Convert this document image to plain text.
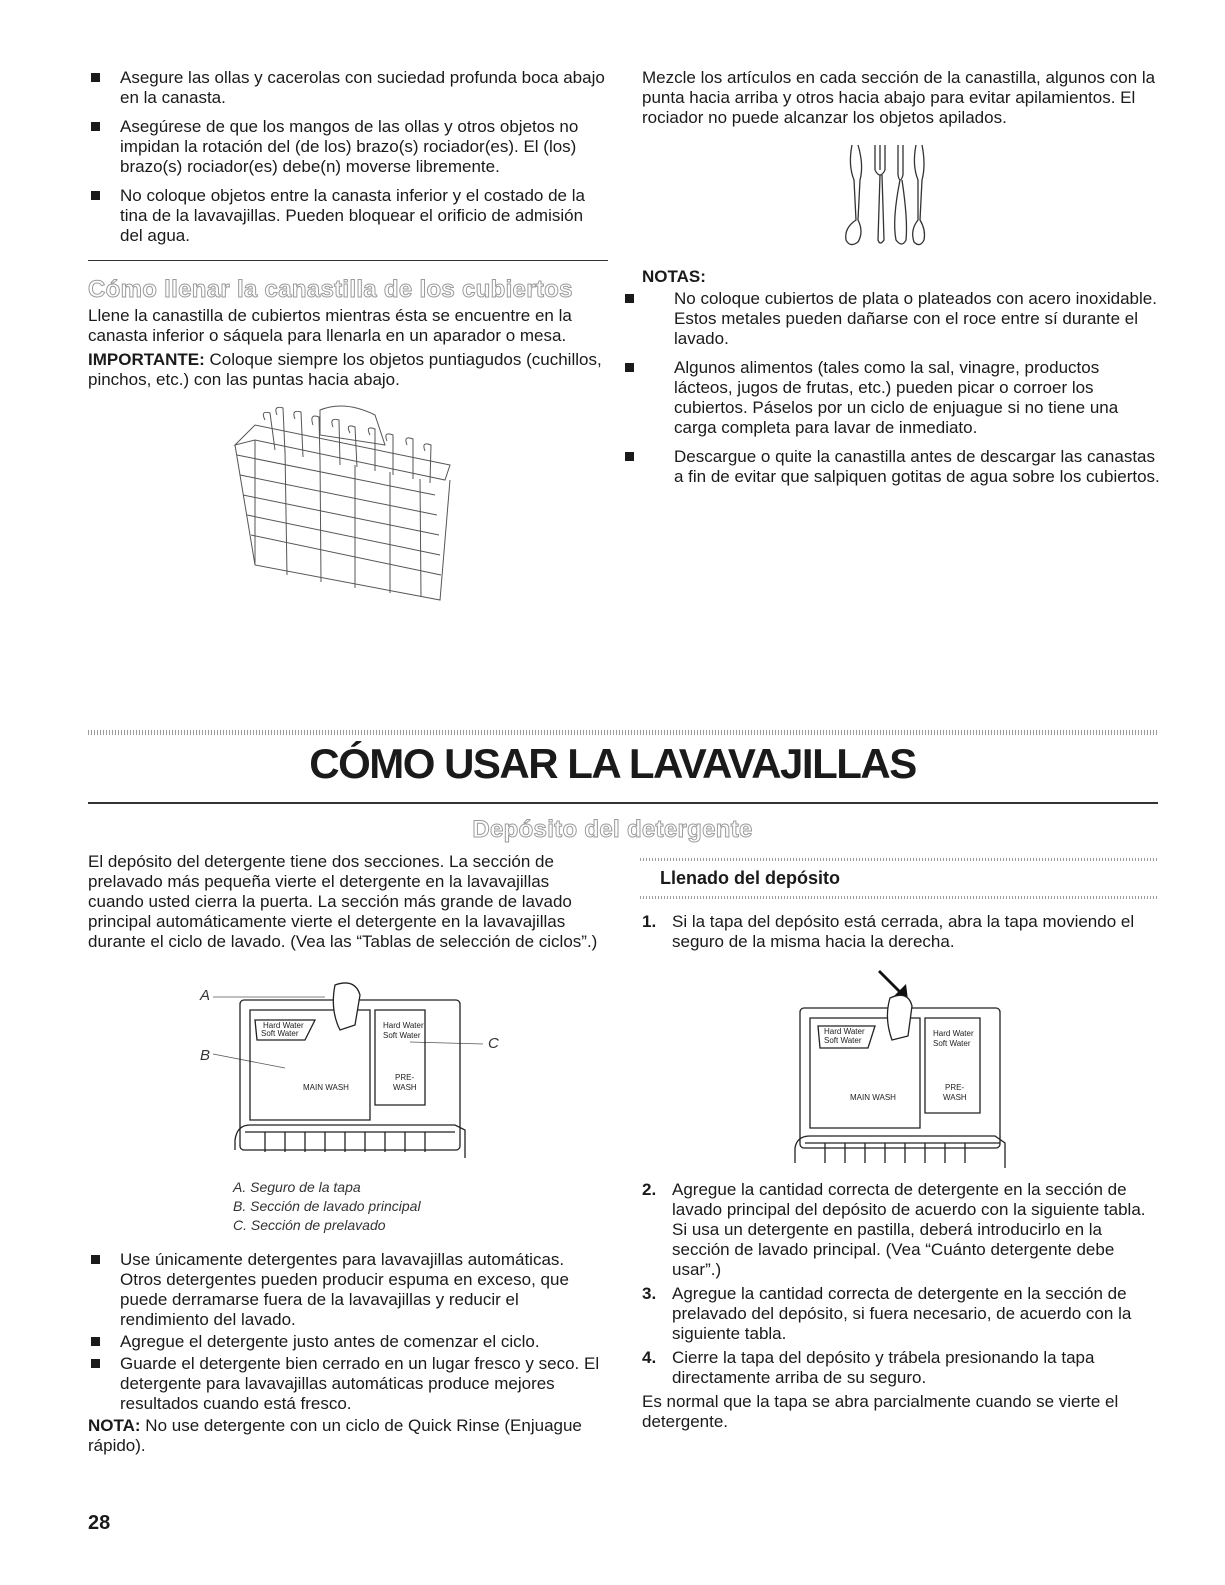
Asegure las ollas y cacerolas con suciedad profunda boca abajo en la canasta.
Asegúrese de que los mangos de las ollas y otros objetos no impidan la rotación del (de los) brazo(s) rociador(es). El (los) brazo(s) rociador(es) debe(n) moverse libremente.
No coloque objetos entre la canasta inferior y el costado de la tina de la lavavajillas. Pueden bloquear el orificio de admisión del agua.
Cómo llenar la canastilla de los cubiertos

Llene la canastilla de cubiertos mientras ésta se encuentre en la canasta inferior o sáquela para llenarla en un aparador o mesa.

IMPORTANTE: Coloque siempre los objetos puntiagudos (cuchillos, pinchos, etc.) con las puntas hacia abajo.

Mezcle los artículos en cada sección de la canastilla, algunos con la punta hacia arriba y otros hacia abajo para evitar apilamientos. El rociador no puede alcanzar los objetos apilados.

NOTAS:
No coloque cubiertos de plata o plateados con acero inoxidable. Estos metales pueden dañarse con el roce entre sí durante el lavado.
Algunos alimentos (tales como la sal, vinagre, productos lácteos, jugos de frutas, etc.) pueden picar o corroer los cubiertos. Páselos por un ciclo de enjuague si no tiene una carga completa para lavar de inmediato.
Descargue o quite la canastilla antes de descargar las canastas a fin de evitar que salpiquen gotitas de agua sobre los cubiertos.
CÓMO USAR LA LAVAVAJILLAS
Depósito del detergente

El depósito del detergente tiene dos secciones. La sección de prelavado más pequeña vierte el detergente en la lavavajillas cuando usted cierra la puerta. La sección más grande de lavado principal automáticamente vierte el detergente en la lavavajillas durante el ciclo de lavado. (Vea las “Tablas de selección de ciclos”.)

A
B
C
Hard Water
Soft Water
Hard Water
Soft Water
MAIN WASH
PRE-
WASH
A. Seguro de la tapa
B. Sección de lavado principal
C. Sección de prelavado
Use únicamente detergentes para lavavajillas automáticas. Otros detergentes pueden producir espuma en exceso, que puede derramarse fuera de la lavavajillas y reducir el rendimiento del lavado.
Agregue el detergente justo antes de comenzar el ciclo.
Guarde el detergente bien cerrado en un lugar fresco y seco. El detergente para lavavajillas automáticas produce mejores resultados cuando está fresco.

NOTA: No use detergente con un ciclo de Quick Rinse (Enjuague rápido).

Llenado del depósito
1. Si la tapa del depósito está cerrada, abra la tapa moviendo el seguro de la misma hacia la derecha.
Hard Water
Soft Water
Hard Water
Soft Water
MAIN WASH
PRE-
WASH
2. Agregue la cantidad correcta de detergente en la sección de lavado principal del depósito de acuerdo con la siguiente tabla. Si usa un detergente en pastilla, deberá introducirlo en la sección de lavado principal. (Vea “Cuánto detergente debe usar”.)
3. Agregue la cantidad correcta de detergente en la sección de prelavado del depósito, si fuera necesario, de acuerdo con la siguiente tabla.
4. Cierre la tapa del depósito y trábela presionando la tapa directamente arriba de su seguro.

Es normal que la tapa se abra parcialmente cuando se vierte el detergente.

28
